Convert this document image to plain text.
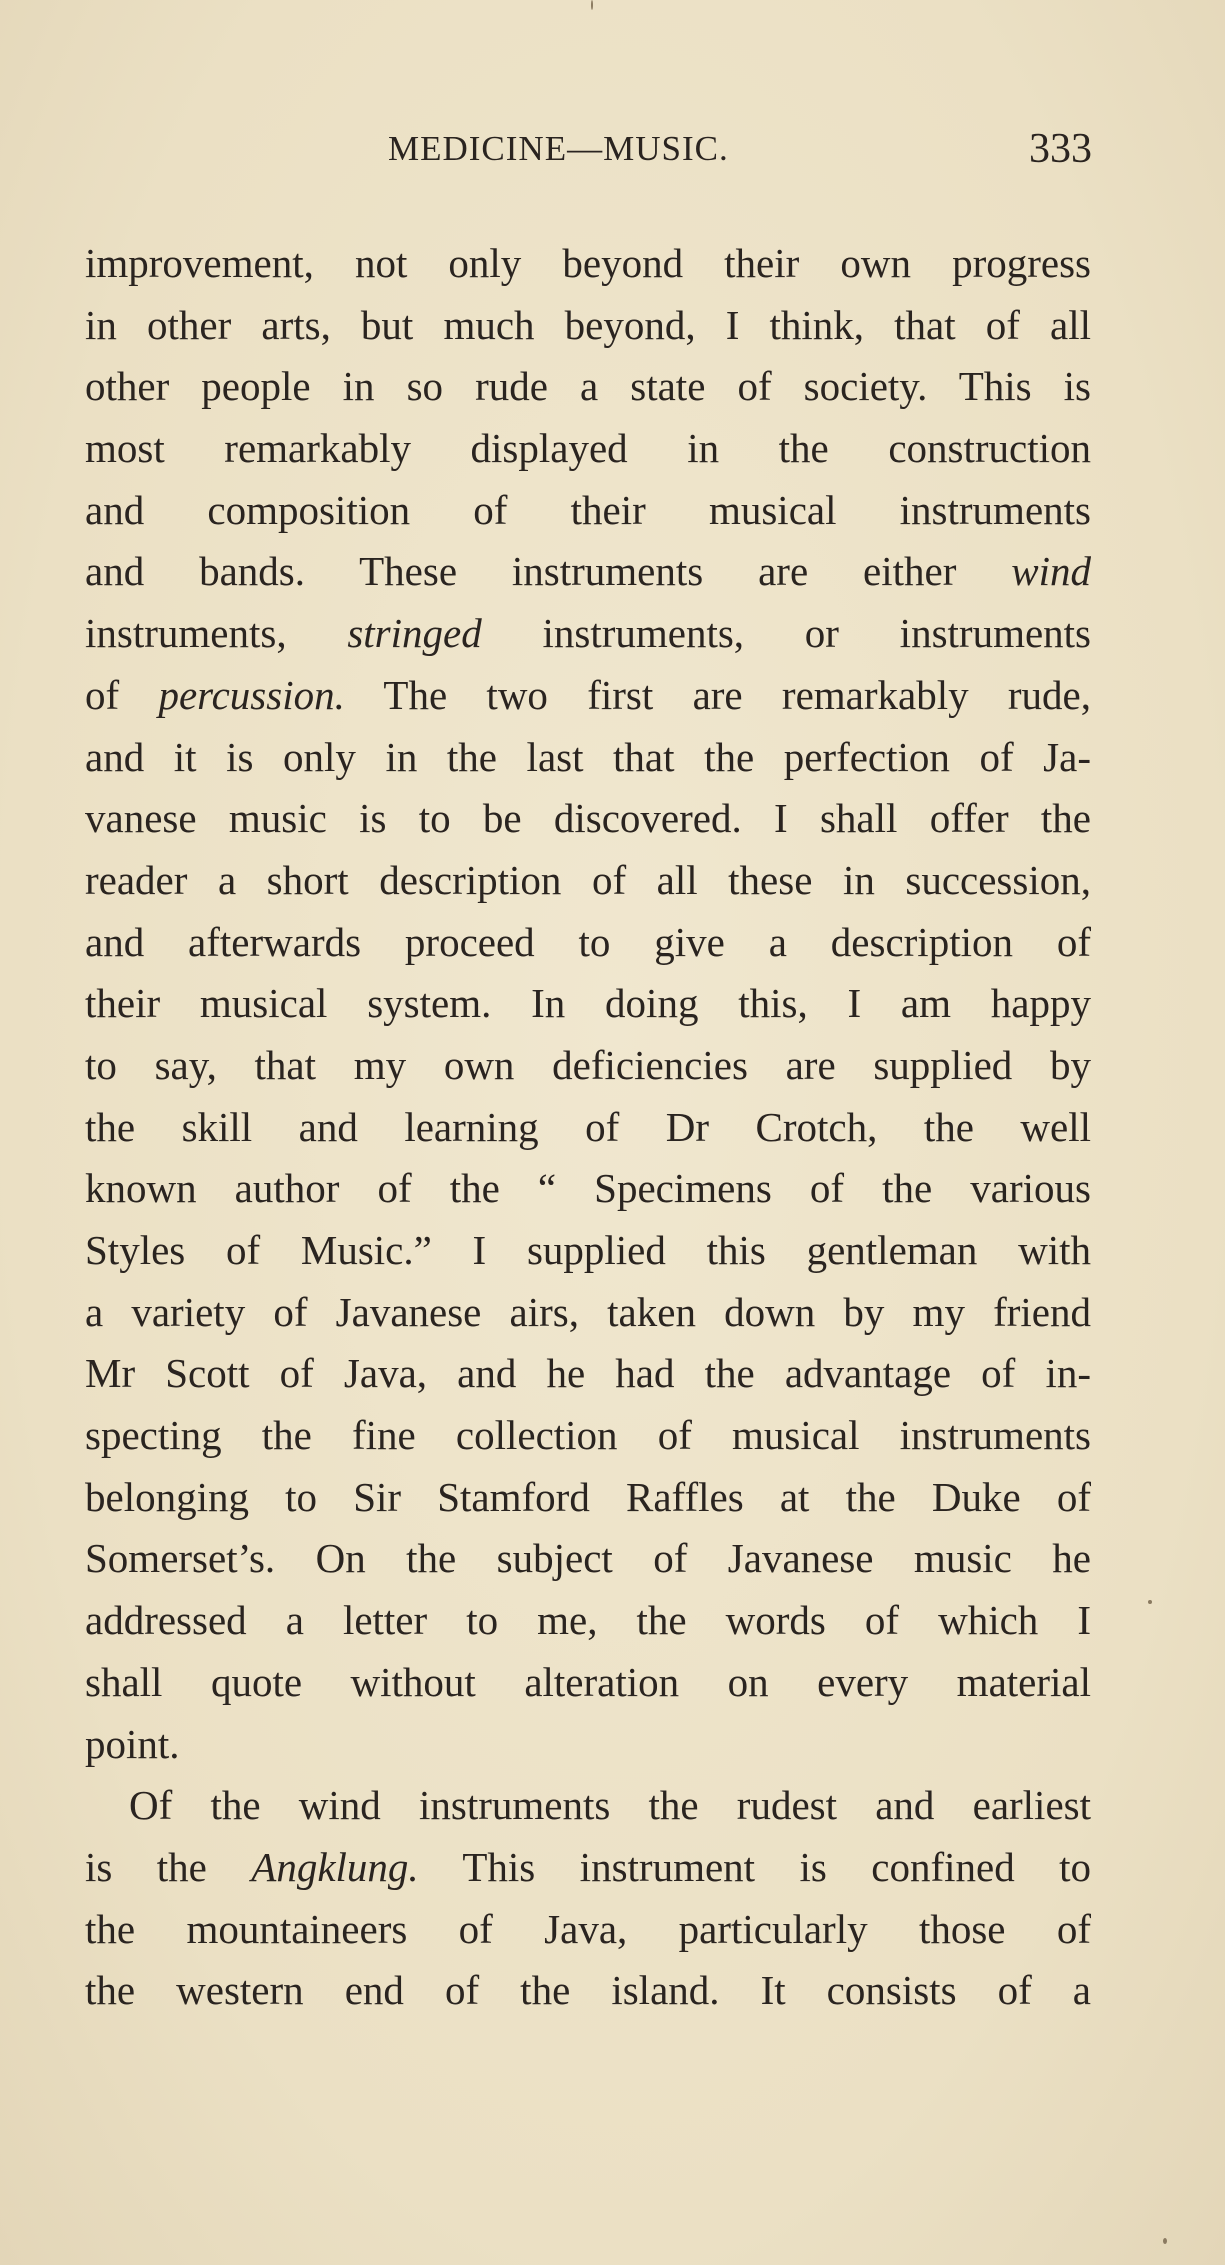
MEDICINE—MUSIC.	333
improvement, not only beyond their own progress
in other arts, but much beyond, I think, that of all
other people in so rude a state of society. This is
most remarkably displayed in the construction
and composition of their musical instruments
and bands. These instruments are either wind
instruments, stringed instruments, or instruments
of percussion. The two first are remarkably rude,
and it is only in the last that the perfection of Ja-
vanese music is to be discovered. I shall offer the
reader a short description of all these in succession,
and afterwards proceed to give a description of
their musical system. In doing this, I am happy
to say, that my own deficiencies are supplied by
the skill and learning of Dr Crotch, the well
known author of the “ Specimens of the various
Styles of Music.” I supplied this gentleman with
a variety of Javanese airs, taken down by my friend
Mr Scott of Java, and he had the advantage of in-
specting the fine collection of musical instruments
belonging to Sir Stamford Raffles at the Duke of
Somerset’s. On the subject of Javanese music he
addressed a letter to me, the words of which I
shall quote without alteration on every material
point.
Of the wind instruments the rudest and earliest
is the Angklung. This instrument is confined to
the mountaineers of Java, particularly those of
the western end of the island. It consists of a
